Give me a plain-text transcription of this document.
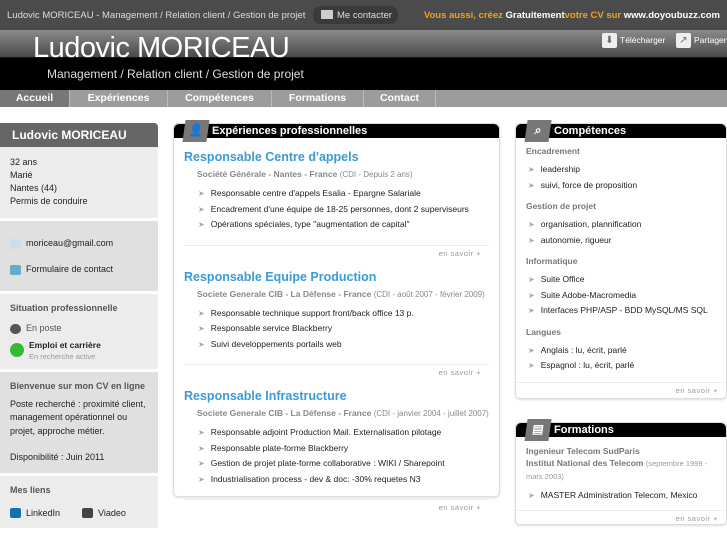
Ludovic MORICEAU - Management / Relation client / Gestion de projet	Me contacter	Vous aussi, créez Gratuitementvotre CV sur www.doyoubuzz.com
Ludovic MORICEAU
Management / Relation client / Gestion de projet
⬇ Télécharger	↗ Partager
Accueil	Expériences	Compétences	Formations	Contact
Ludovic MORICEAU
32 ans
Marié
Nantes (44)
Permis de conduire
moriceau@gmail.com
Formulaire de contact
Situation professionnelle
En poste
Emploi et carrière
En recherche active
Bienvenue sur mon CV en ligne
Poste recherché : proximité client, management opérationnel ou projet, approche métier.
Disponibilité : Juin 2011
Mes liens
LinkedIn	Viadeo
👤 Expériences professionnelles
Responsable Centre d'appels
Société Générale - Nantes - France (CDI - Depuis 2 ans)
➤ Responsable centre d'appels Esalia - Epargne Salariale
➤ Encadrement d'une équipe de 18-25 personnes, dont 2 superviseurs
➤ Opérations spéciales, type "augmentation de capital"
en savoir +
Responsable Equipe Production
Societe Generale CIB - La Défense - France (CDI - août 2007 - février 2009)
➤ Responsable technique support front/back office 13 p.
➤ Responsable service Blackberry
➤ Suivi developpements portails web
en savoir +
Responsable Infrastructure
Societe Generale CIB - La Défense - France (CDI - janvier 2004 - juillet 2007)
➤ Responsable adjoint Production Mail. Externalisation pilotage
➤ Responsable plate-forme Blackberry
➤ Gestion de projet plate-forme collaborative : WIKI / Sharepoint
➤ Industrialisation process - dev & doc: -30% requetes N3
en savoir +
⌕	Compétences
Encadrement
➤ leadership
➤ suivi, force de proposition
Gestion de projet
➤ organisation, plannification
➤ autonomie, rigueur
Informatique
➤ Suite Office
➤ Suite Adobe-Macromedia
➤ Interfaces PHP/ASP - BDD MySQL/MS SQL
Langues
➤ Anglais : lu, écrit, parlé
➤ Espagnol : lu, écrit, parlé
en savoir +
▤ Formations
Ingenieur Telecom SudParis
Institut National des Telecom (septembre 1999 - mars 2003)
➤ MASTER Administration Telecom, Mexico
en savoir +
